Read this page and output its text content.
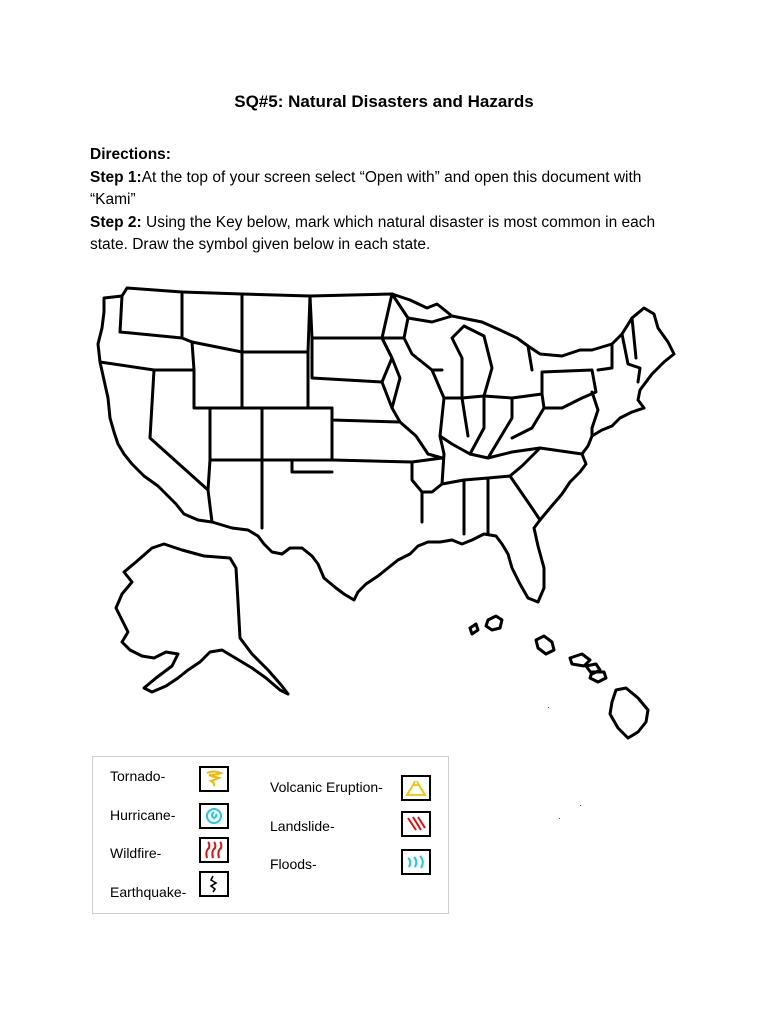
SQ#5: Natural Disasters and Hazards
Directions:
Step 1:At the top of your screen select “Open with” and open this document with “Kami”
Step 2: Using the Key below, mark which natural disaster is most common in each state. Draw the symbol given below in each state.
Tornado-
Hurricane-
Wildfire-
Earthquake-
Volcanic Eruption-
Landslide-
Floods-
